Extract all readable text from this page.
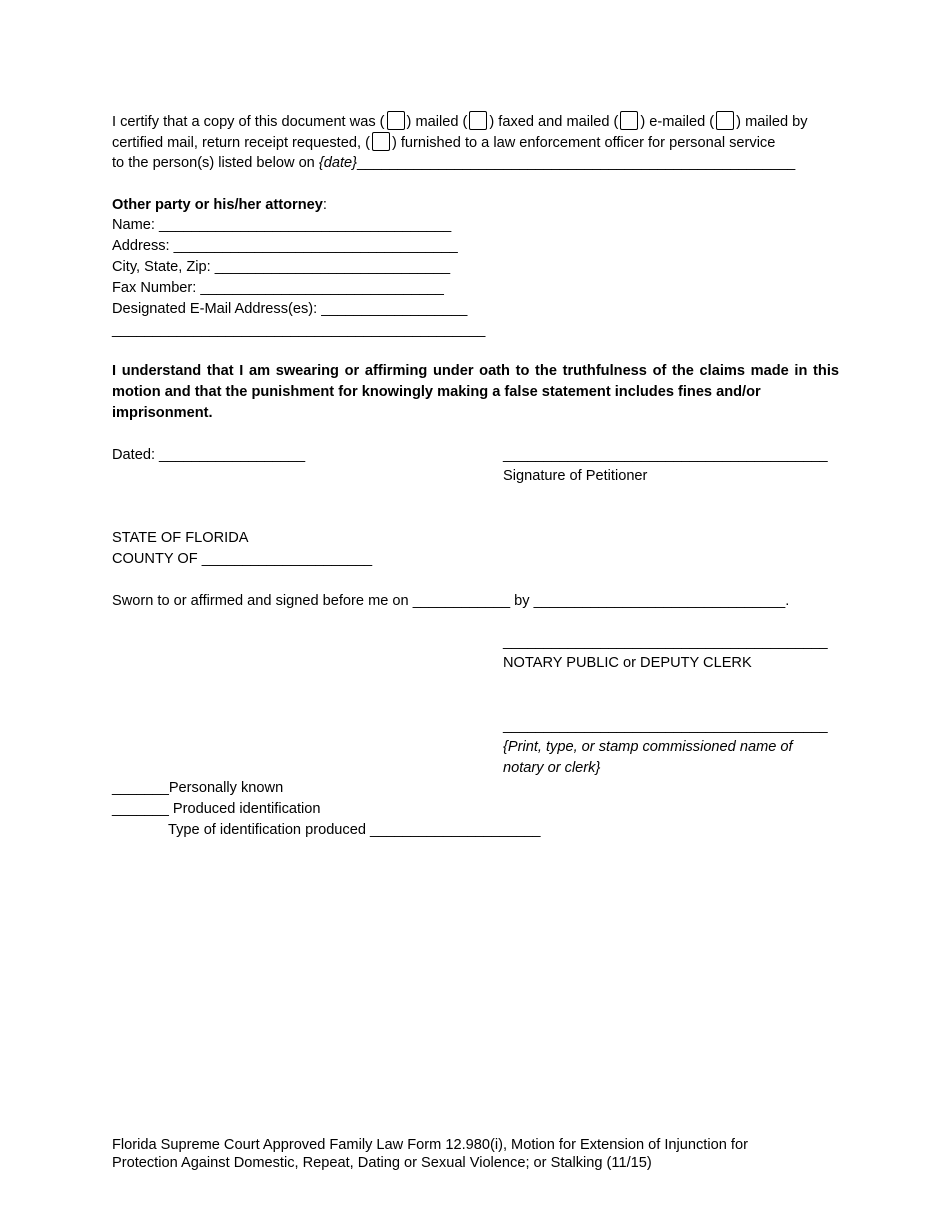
I certify that a copy of this document was ( ) mailed ( ) faxed and mailed ( ) e-mailed ( ) mailed by
certified mail, return receipt requested, ( ) furnished to a law enforcement officer for personal service
to the person(s) listed below on {date}______________________________________________________
Other party or his/her attorney:
Name: ____________________________________
Address: ___________________________________
City, State, Zip: _____________________________
Fax Number: ______________________________
Designated E-Mail Address(es): __________________
______________________________________________
I understand that I am swearing or affirming under oath to the truthfulness of the claims made in this motion and that the punishment for knowingly making a false statement includes fines and/or
imprisonment.
Dated: __________________	________________________________________
Signature of Petitioner
STATE OF FLORIDA
COUNTY OF _____________________
Sworn to or affirmed and signed before me on ____________ by _______________________________.
________________________________________
NOTARY PUBLIC or DEPUTY CLERK
________________________________________
{Print, type, or stamp commissioned name of notary or clerk}
_______Personally known
_______ Produced identification
Type of identification produced _____________________
Florida Supreme Court Approved Family Law Form 12.980(i), Motion for Extension of Injunction for
Protection Against Domestic, Repeat, Dating or Sexual Violence; or Stalking (11/15)
